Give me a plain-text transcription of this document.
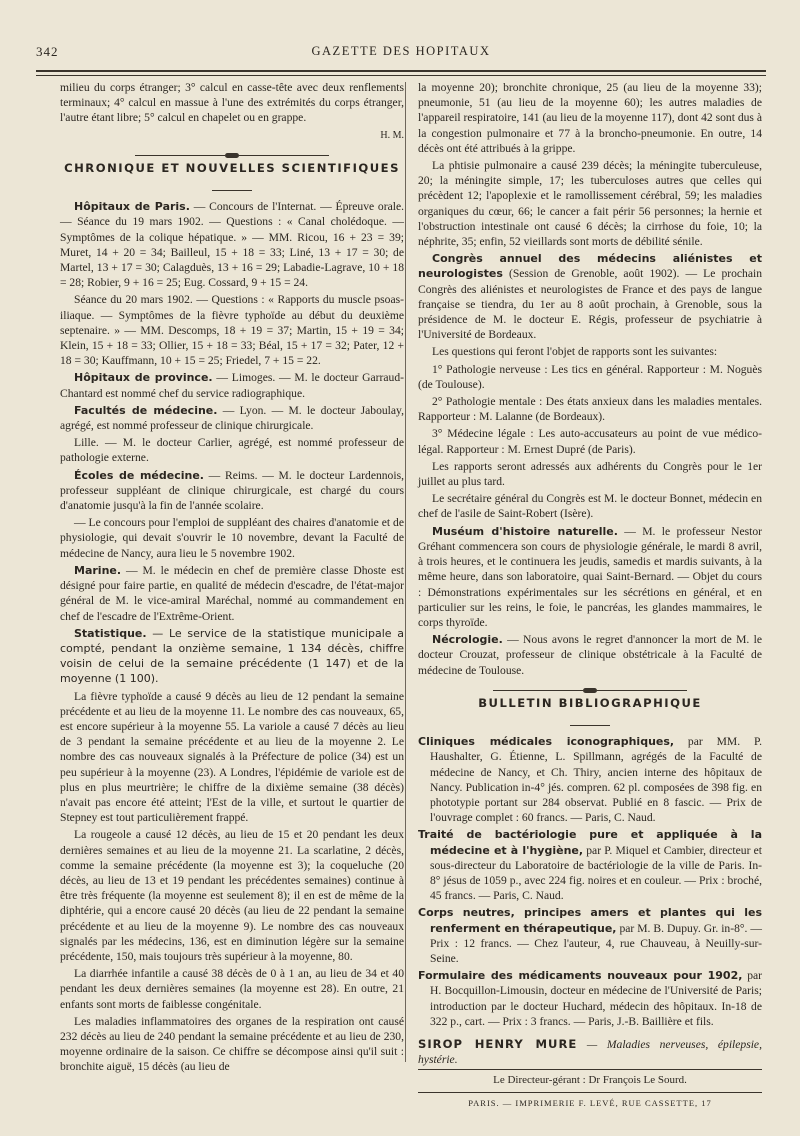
342	GAZETTE DES HOPITAUX

milieu du corps étranger; 3° calcul en casse-tête avec deux renflements terminaux; 4° calcul en massue à l'une des extrémités du corps étranger, l'autre étant libre; 5° calcul en chapelet ou en grappe.

H. M.
CHRONIQUE ET NOUVELLES SCIENTIFIQUES

Hôpitaux de Paris. — Concours de l'Internat. — Épreuve orale. — Séance du 19 mars 1902. — Questions : « Canal cholédoque. — Symptômes de la colique hépatique. » — MM. Ricou, 16 + 23 = 39; Muret, 14 + 20 = 34; Bailleul, 15 + 18 = 33; Liné, 13 + 17 = 30; de Martel, 13 + 17 = 30; Calagduès, 13 + 16 = 29; Labadie-Lagrave, 10 + 18 = 28; Robier, 9 + 16 = 25; Eug. Cossard, 9 + 15 = 24.

Séance du 20 mars 1902. — Questions : « Rapports du muscle psoas-iliaque. — Symptômes de la fièvre typhoïde au début du deuxième septenaire. » — MM. Descomps, 18 + 19 = 37; Martin, 15 + 19 = 34; Klein, 15 + 18 = 33; Ollier, 15 + 18 = 33; Béal, 15 + 17 = 32; Pater, 12 + 18 = 30; Kauffmann, 10 + 15 = 25; Friedel, 7 + 15 = 22.

Hôpitaux de province. — Limoges. — M. le docteur Garraud-Chantard est nommé chef du service radiographique.

Facultés de médecine. — Lyon. — M. le docteur Jaboulay, agrégé, est nommé professeur de clinique chirurgicale.

Lille. — M. le docteur Carlier, agrégé, est nommé professeur de pathologie externe.

Écoles de médecine. — Reims. — M. le docteur Lardennois, professeur suppléant de clinique chirurgicale, est chargé du cours d'anatomie jusqu'à la fin de l'année scolaire.

— Le concours pour l'emploi de suppléant des chaires d'anatomie et de physiologie, qui devait s'ouvrir le 10 novembre, devant la Faculté de médecine de Nancy, aura lieu le 5 novembre 1902.

Marine. — M. le médecin en chef de première classe Dhoste est désigné pour faire partie, en qualité de médecin d'escadre, de l'état-major général de M. le vice-amiral Maréchal, nommé au commandement en chef de l'escadre de l'Extrême-Orient.

Statistique. — Le service de la statistique municipale a compté, pendant la onzième semaine, 1 134 décès, chiffre voisin de celui de la semaine précédente (1 147) et de la moyenne (1 100).

La fièvre typhoïde a causé 9 décès au lieu de 12 pendant la semaine précédente et au lieu de la moyenne 11. Le nombre des cas nouveaux, 65, est encore supérieur à la moyenne 55. La variole a causé 7 décès au lieu de 3 pendant la semaine précédente et au lieu de la moyenne 2. Le nombre des cas nouveaux signalés à la Préfecture de police (34) est un peu supérieur à la moyenne (23). A Londres, l'épidémie de variole est de plus en plus meurtrière; le chiffre de la dixième semaine (38 décès) n'avait pas encore été atteint; l'Est de la ville, et surtout le quartier de Stepney est tout particulièrement frappé.

La rougeole a causé 12 décès, au lieu de 15 et 20 pendant les deux dernières semaines et au lieu de la moyenne 21. La scarlatine, 2 décès, comme la semaine précédente (la moyenne est 3); la coqueluche (20 décès, au lieu de 13 et 19 pendant les précédentes semaines) continue à être très fréquente (la moyenne est seulement 8); il en est de même de la diphtérie, qui a encore causé 20 décès (au lieu de 22 pendant la semaine précédente et au lieu de la moyenne 9). Le nombre des cas nouveaux signalés par les médecins, 136, est en diminution légère sur la semaine précédente, 150, mais toujours très supérieur à la moyenne, 80.

La diarrhée infantile a causé 38 décès de 0 à 1 an, au lieu de 34 et 40 pendant les deux dernières semaines (la moyenne est 28). En outre, 21 enfants sont morts de faiblesse congénitale.

Les maladies inflammatoires des organes de la respiration ont causé 232 décès au lieu de 240 pendant la semaine précédente et au lieu de 230, moyenne ordinaire de la saison. Ce chiffre se décompose ainsi qu'il suit : bronchite aiguë, 15 décès (au lieu de

la moyenne 20); bronchite chronique, 25 (au lieu de la moyenne 33); pneumonie, 51 (au lieu de la moyenne 60); les autres maladies de l'appareil respiratoire, 141 (au lieu de la moyenne 117), dont 42 sont dus à la congestion pulmonaire et 77 à la broncho-pneumonie. En outre, 14 décès ont été attribués à la grippe.

La phtisie pulmonaire a causé 239 décès; la méningite tuberculeuse, 20; la méningite simple, 17; les tuberculoses autres que celles qui précèdent 12; l'apoplexie et le ramollissement cérébral, 59; les maladies organiques du cœur, 66; le cancer a fait périr 56 personnes; la hernie et l'obstruction intestinale ont causé 6 décès; la cirrhose du foie, 10; la néphrite, 35; enfin, 52 vieillards sont morts de débilité sénile.

Congrès annuel des médecins aliénistes et neurologistes (Session de Grenoble, août 1902). — Le prochain Congrès des aliénistes et neurologistes de France et des pays de langue française se tiendra, du 1er au 8 août prochain, à Grenoble, sous la présidence de M. le docteur E. Régis, professeur de psychiatrie à l'Université de Bordeaux.

Les questions qui feront l'objet de rapports sont les suivantes:

1° Pathologie nerveuse : Les tics en général. Rapporteur : M. Noguès (de Toulouse).

2° Pathologie mentale : Des états anxieux dans les maladies mentales. Rapporteur : M. Lalanne (de Bordeaux).

3° Médecine légale : Les auto-accusateurs au point de vue médico-légal. Rapporteur : M. Ernest Dupré (de Paris).

Les rapports seront adressés aux adhérents du Congrès pour le 1er juillet au plus tard.

Le secrétaire général du Congrès est M. le docteur Bonnet, médecin en chef de l'asile de Saint-Robert (Isère).

Muséum d'histoire naturelle. — M. le professeur Nestor Gréhant commencera son cours de physiologie générale, le mardi 8 avril, à trois heures, et le continuera les jeudis, samedis et mardis suivants, à la même heure, dans son laboratoire, quai Saint-Bernard. — Objet du cours : Démonstrations expérimentales sur les sécrétions en général, et en particulier sur les reins, le foie, le pancréas, les glandes mammaires, le corps thyroïde.

Nécrologie. — Nous avons le regret d'annoncer la mort de M. le docteur Crouzat, professeur de clinique obstétricale à la Faculté de médecine de Toulouse.

BULLETIN BIBLIOGRAPHIQUE

Cliniques médicales iconographiques, par MM. P. Haushalter, G. Étienne, L. Spillmann, agrégés de la Faculté de médecine de Nancy, et Ch. Thiry, ancien interne des hôpitaux de Nancy. Publication in-4° jés. compren. 62 pl. composées de 398 fig. en phototypie portant sur 284 observat. Publié en 8 fascic. — Prix de l'ouvrage complet : 60 francs. — Paris, C. Naud.

Traité de bactériologie pure et appliquée à la médecine et à l'hygiène, par P. Miquel et Cambier, directeur et sous-directeur du Laboratoire de bactériologie de la ville de Paris. In-8° jésus de 1059 p., avec 224 fig. noires et en couleur. — Prix : broché, 45 francs. — Paris, C. Naud.

Corps neutres, principes amers et plantes qui les renferment en thérapeutique, par M. B. Dupuy. Gr. in-8°. — Prix : 12 francs. — Chez l'auteur, 4, rue Chauveau, à Neuilly-sur-Seine.

Formulaire des médicaments nouveaux pour 1902, par H. Bocquillon-Limousin, docteur en médecine de l'Université de Paris; introduction par le docteur Huchard, médecin des hôpitaux. In-18 de 322 p., cart. — Prix : 3 francs. — Paris, J.-B. Baillière et fils.

SIROP HENRY MURE — Maladies nerveuses, épilepsie, hystérie.

Le Directeur-gérant : Dr François Le Sourd.

PARIS. — IMPRIMERIE F. LEVÉ, RUE CASSETTE, 17
